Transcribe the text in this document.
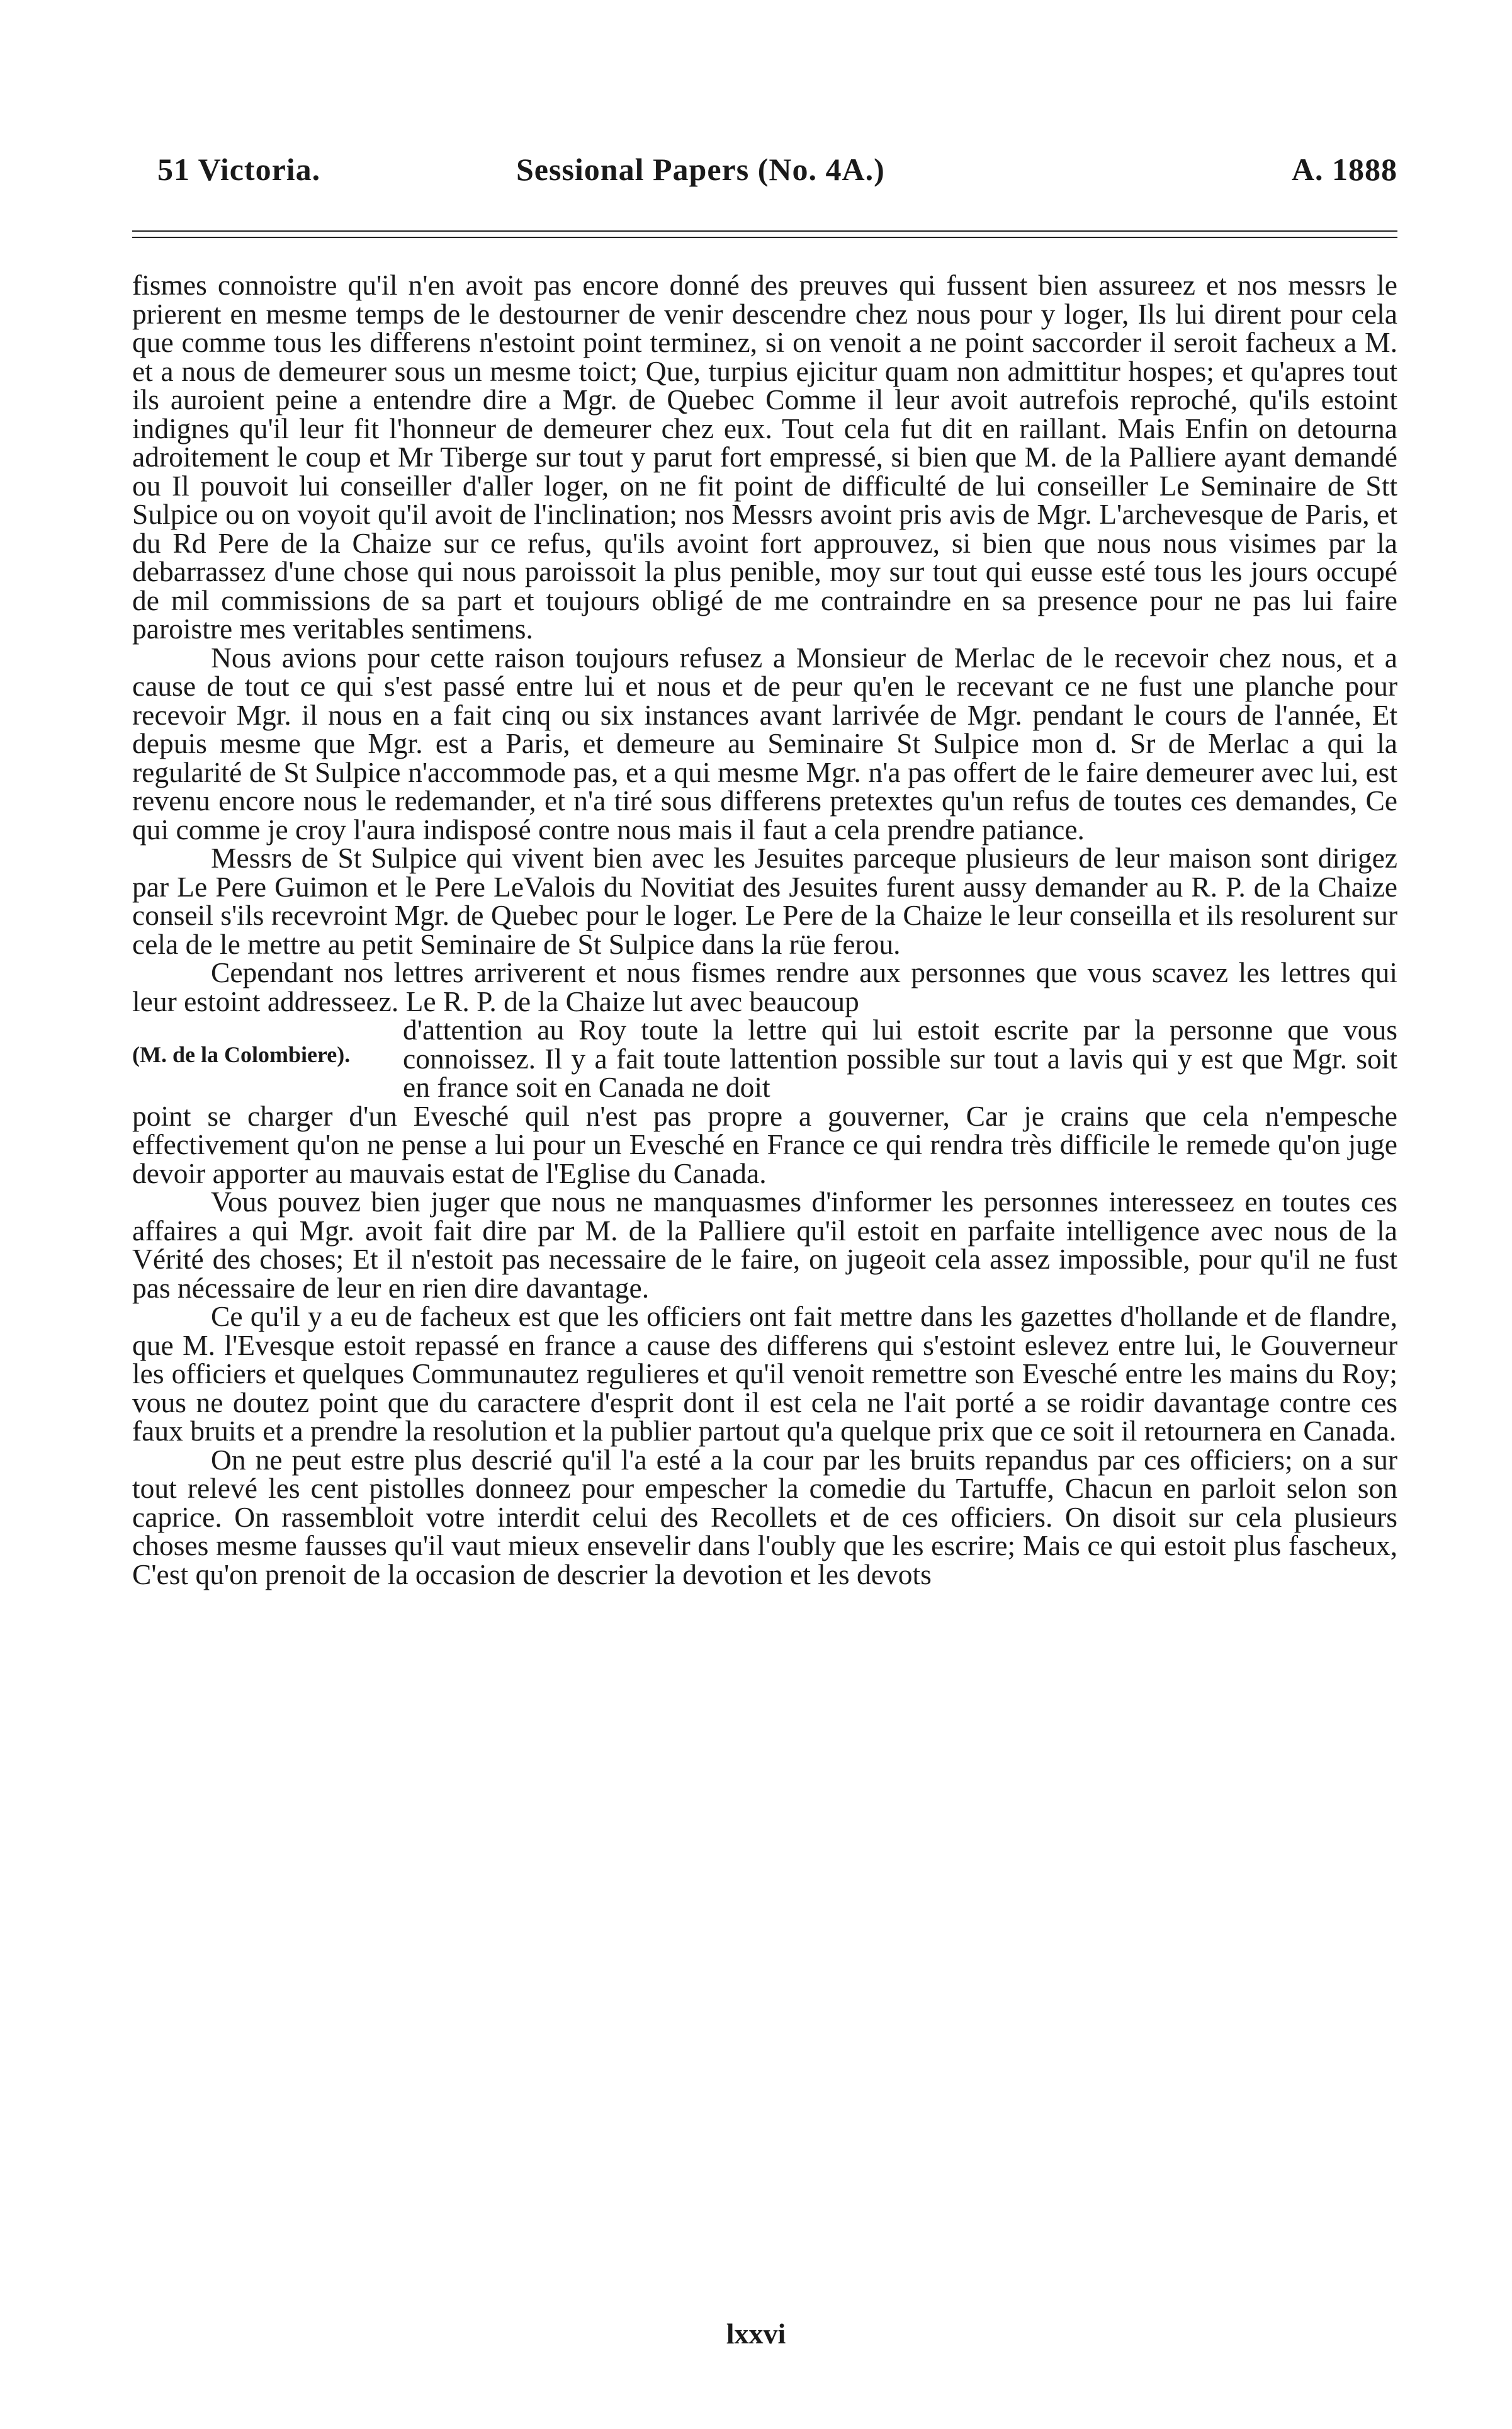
51 Victoria.	Sessional Papers (No. 4A.)	A. 1888

fismes connoistre qu'il n'en avoit pas encore donné des preuves qui fussent bien assureez et nos messrs le prierent en mesme temps de le destourner de venir descendre chez nous pour y loger, Ils lui dirent pour cela que comme tous les differens n'estoint point terminez, si on venoit a ne point saccorder il seroit facheux a M. et a nous de demeurer sous un mesme toict; Que, turpius ejicitur quam non admittitur hospes; et qu'apres tout ils auroient peine a entendre dire a Mgr. de Quebec Comme il leur avoit autrefois reproché, qu'ils estoint indignes qu'il leur fit l'honneur de demeurer chez eux. Tout cela fut dit en raillant. Mais Enfin on detourna adroitement le coup et Mr Tiberge sur tout y parut fort empressé, si bien que M. de la Palliere ayant demandé ou Il pouvoit lui conseiller d'aller loger, on ne fit point de difficulté de lui conseiller Le Seminaire de Stt Sulpice ou on voyoit qu'il avoit de l'inclination; nos Messrs avoint pris avis de Mgr. L'archevesque de Paris, et du Rd Pere de la Chaize sur ce refus, qu'ils avoint fort approuvez, si bien que nous nous visimes par la debarrassez d'une chose qui nous paroissoit la plus penible, moy sur tout qui eusse esté tous les jours occupé de mil commissions de sa part et toujours obligé de me contraindre en sa presence pour ne pas lui faire paroistre mes veritables sentimens.

Nous avions pour cette raison toujours refusez a Monsieur de Merlac de le recevoir chez nous, et a cause de tout ce qui s'est passé entre lui et nous et de peur qu'en le recevant ce ne fust une planche pour recevoir Mgr. il nous en a fait cinq ou six instances avant larrivée de Mgr. pendant le cours de l'année, Et depuis mesme que Mgr. est a Paris, et demeure au Seminaire St Sulpice mon d. Sr de Merlac a qui la regularité de St Sulpice n'accommode pas, et a qui mesme Mgr. n'a pas offert de le faire demeurer avec lui, est revenu encore nous le redemander, et n'a tiré sous differens pretextes qu'un refus de toutes ces demandes, Ce qui comme je croy l'aura indisposé contre nous mais il faut a cela prendre patiance.

Messrs de St Sulpice qui vivent bien avec les Jesuites parceque plusieurs de leur maison sont dirigez par Le Pere Guimon et le Pere LeValois du Novitiat des Jesuites furent aussy demander au R. P. de la Chaize conseil s'ils recevroint Mgr. de Quebec pour le loger. Le Pere de la Chaize le leur conseilla et ils resolurent sur cela de le mettre au petit Seminaire de St Sulpice dans la rüe ferou.

Cependant nos lettres arriverent et nous fismes rendre aux personnes que vous scavez les lettres qui leur estoint addresseez. Le R. P. de la Chaize lut avec beaucoup

(M. de la Colombiere).

d'attention au Roy toute la lettre qui lui estoit escrite par la personne que vous connoissez. Il y a fait toute lattention possible sur tout a lavis qui y est que Mgr. soit en france soit en Canada ne doit

point se charger d'un Evesché quil n'est pas propre a gouverner, Car je crains que cela n'empesche effectivement qu'on ne pense a lui pour un Evesché en France ce qui rendra très difficile le remede qu'on juge devoir apporter au mauvais estat de l'Eglise du Canada.

Vous pouvez bien juger que nous ne manquasmes d'informer les personnes interesseez en toutes ces affaires a qui Mgr. avoit fait dire par M. de la Palliere qu'il estoit en parfaite intelligence avec nous de la Vérité des choses; Et il n'estoit pas necessaire de le faire, on jugeoit cela assez impossible, pour qu'il ne fust pas nécessaire de leur en rien dire davantage.

Ce qu'il y a eu de facheux est que les officiers ont fait mettre dans les gazettes d'hollande et de flandre, que M. l'Evesque estoit repassé en france a cause des differens qui s'estoint eslevez entre lui, le Gouverneur les officiers et quelques Communautez regulieres et qu'il venoit remettre son Evesché entre les mains du Roy; vous ne doutez point que du caractere d'esprit dont il est cela ne l'ait porté a se roidir davantage contre ces faux bruits et a prendre la resolution et la publier partout qu'a quelque prix que ce soit il retournera en Canada.

On ne peut estre plus descrié qu'il l'a esté a la cour par les bruits repandus par ces officiers; on a sur tout relevé les cent pistolles donneez pour empescher la comedie du Tartuffe, Chacun en parloit selon son caprice. On rassembloit votre interdit celui des Recollets et de ces officiers. On disoit sur cela plusieurs choses mesme fausses qu'il vaut mieux ensevelir dans l'oubly que les escrire; Mais ce qui estoit plus fascheux, C'est qu'on prenoit de la occasion de descrier la devotion et les devots

lxxvi
